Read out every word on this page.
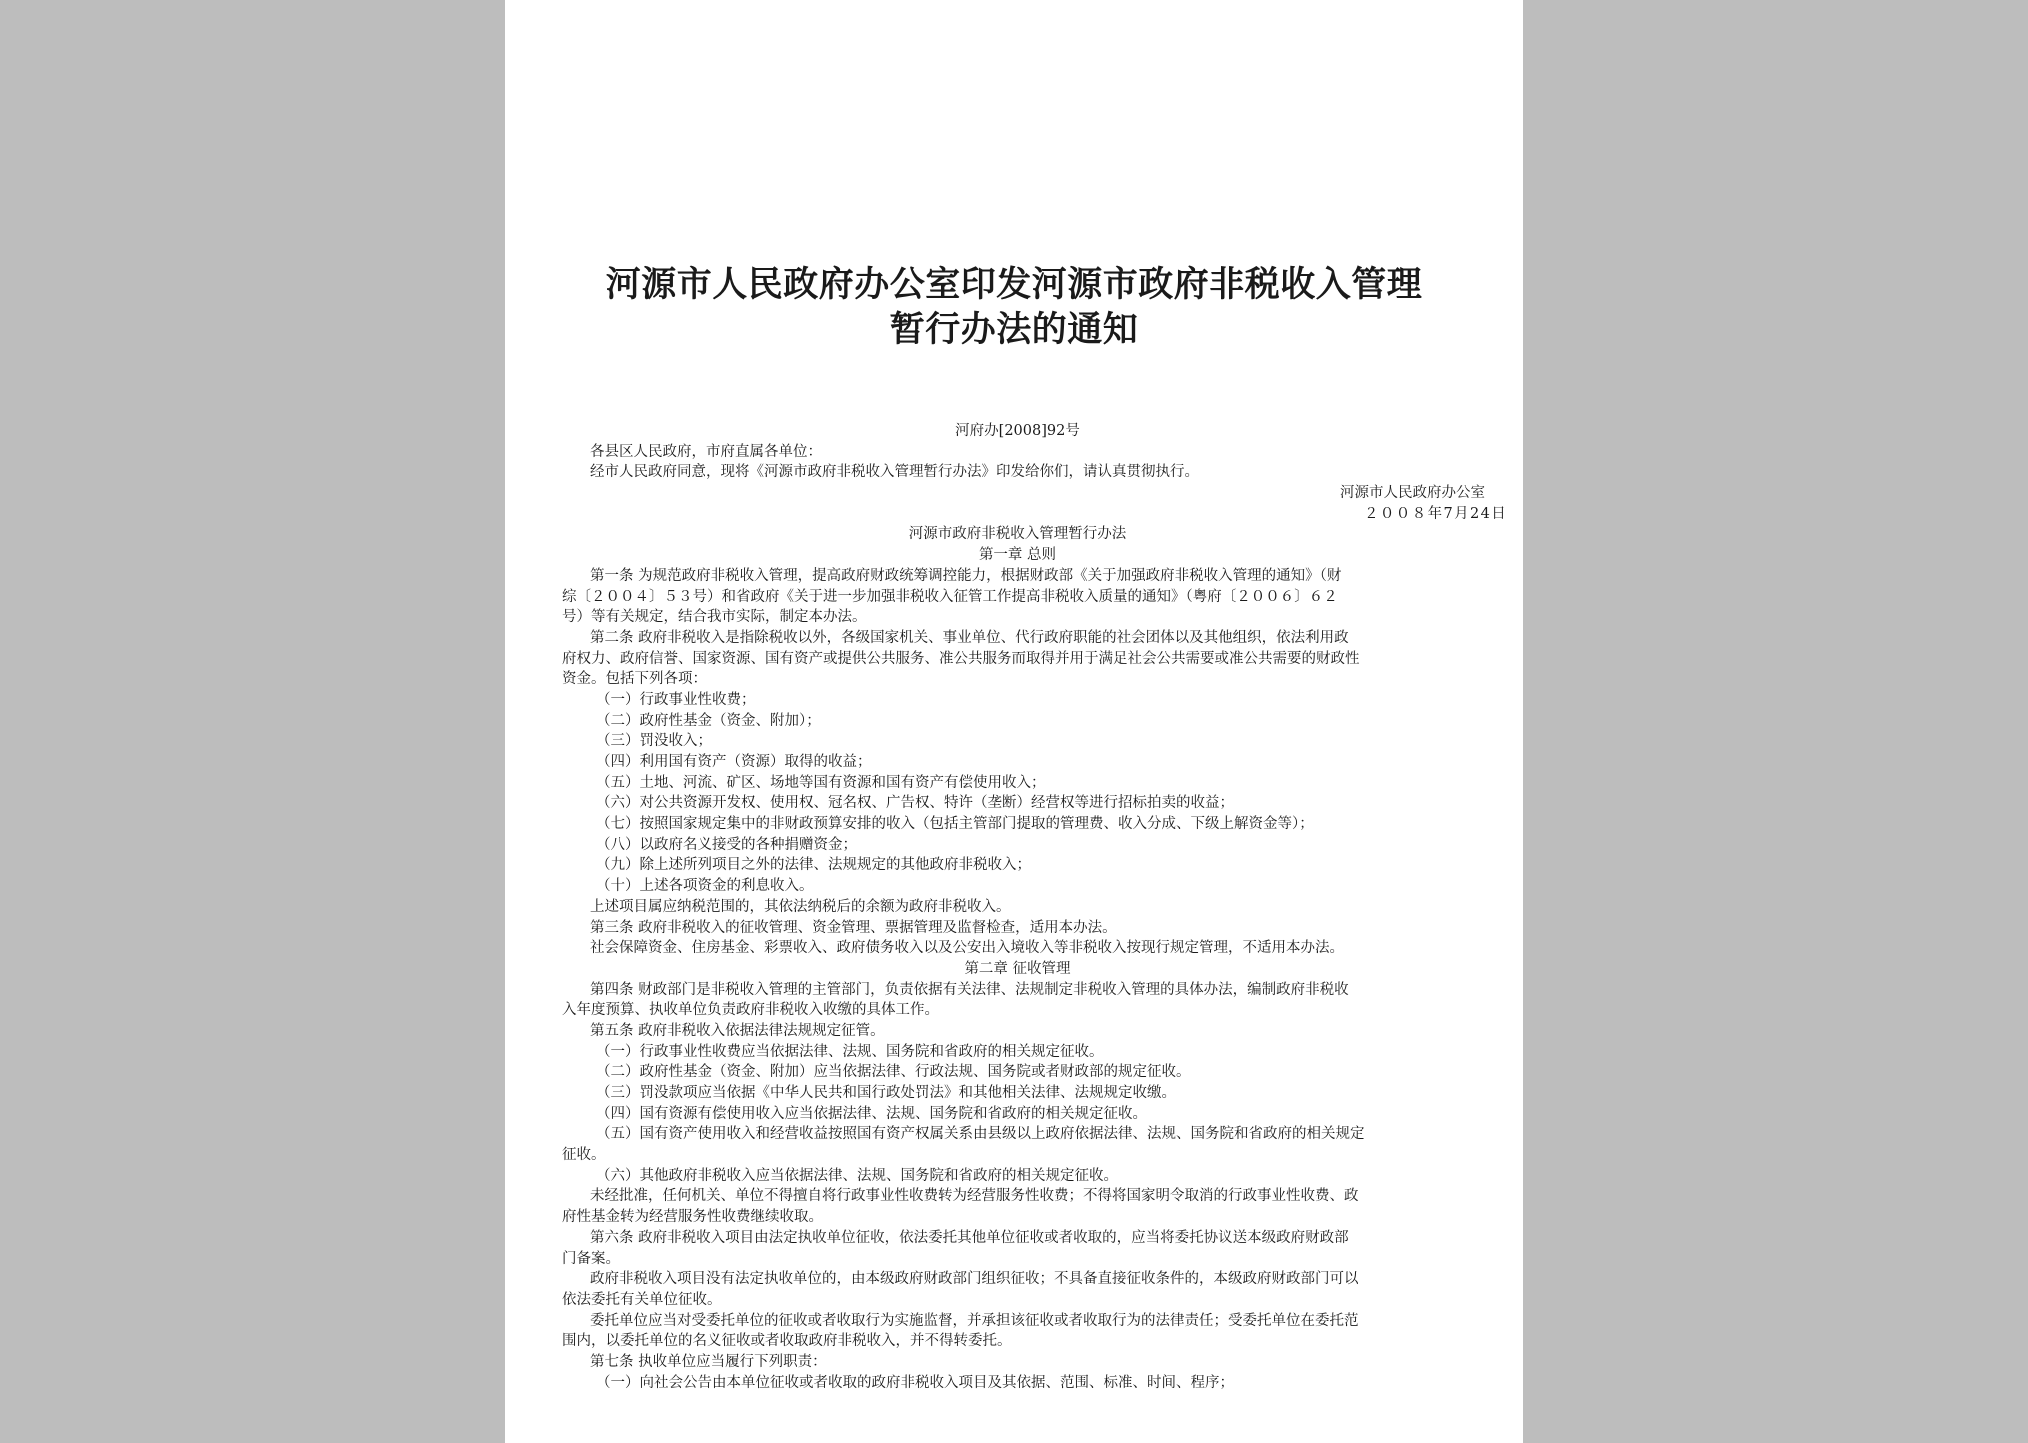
河源市人民政府办公室印发河源市政府非税收入管理
暂行办法的通知
河府办[2008]92号
各县区人民政府，市府直属各单位：
经市人民政府同意，现将《河源市政府非税收入管理暂行办法》印发给你们，请认真贯彻执行。
河源市人民政府办公室
２００８年7月24日
河源市政府非税收入管理暂行办法
第一章 总则
第一条 为规范政府非税收入管理，提高政府财政统筹调控能力，根据财政部《关于加强政府非税收入管理的通知》（财
综〔２００４〕５３号）和省政府《关于进一步加强非税收入征管工作提高非税收入质量的通知》（粤府〔２００６〕６２
号）等有关规定，结合我市实际，制定本办法。
第二条 政府非税收入是指除税收以外，各级国家机关、事业单位、代行政府职能的社会团体以及其他组织，依法利用政
府权力、政府信誉、国家资源、国有资产或提供公共服务、准公共服务而取得并用于满足社会公共需要或准公共需要的财政性
资金。包括下列各项：
（一）行政事业性收费；
（二）政府性基金（资金、附加）；
（三）罚没收入；
（四）利用国有资产（资源）取得的收益；
（五）土地、河流、矿区、场地等国有资源和国有资产有偿使用收入；
（六）对公共资源开发权、使用权、冠名权、广告权、特许（垄断）经营权等进行招标拍卖的收益；
（七）按照国家规定集中的非财政预算安排的收入（包括主管部门提取的管理费、收入分成、下级上解资金等）；
（八）以政府名义接受的各种捐赠资金；
（九）除上述所列项目之外的法律、法规规定的其他政府非税收入；
（十）上述各项资金的利息收入。
上述项目属应纳税范围的，其依法纳税后的余额为政府非税收入。
第三条 政府非税收入的征收管理、资金管理、票据管理及监督检查，适用本办法。
社会保障资金、住房基金、彩票收入、政府债务收入以及公安出入境收入等非税收入按现行规定管理，不适用本办法。
第二章 征收管理
第四条 财政部门是非税收入管理的主管部门，负责依据有关法律、法规制定非税收入管理的具体办法，编制政府非税收
入年度预算、执收单位负责政府非税收入收缴的具体工作。
第五条 政府非税收入依据法律法规规定征管。
（一）行政事业性收费应当依据法律、法规、国务院和省政府的相关规定征收。
（二）政府性基金（资金、附加）应当依据法律、行政法规、国务院或者财政部的规定征收。
（三）罚没款项应当依据《中华人民共和国行政处罚法》和其他相关法律、法规规定收缴。
（四）国有资源有偿使用收入应当依据法律、法规、国务院和省政府的相关规定征收。
（五）国有资产使用收入和经营收益按照国有资产权属关系由县级以上政府依据法律、法规、国务院和省政府的相关规定
征收。
（六）其他政府非税收入应当依据法律、法规、国务院和省政府的相关规定征收。
未经批准，任何机关、单位不得擅自将行政事业性收费转为经营服务性收费；不得将国家明令取消的行政事业性收费、政
府性基金转为经营服务性收费继续收取。
第六条 政府非税收入项目由法定执收单位征收，依法委托其他单位征收或者收取的，应当将委托协议送本级政府财政部
门备案。
政府非税收入项目没有法定执收单位的，由本级政府财政部门组织征收；不具备直接征收条件的，本级政府财政部门可以
依法委托有关单位征收。
委托单位应当对受委托单位的征收或者收取行为实施监督，并承担该征收或者收取行为的法律责任；受委托单位在委托范
围内，以委托单位的名义征收或者收取政府非税收入，并不得转委托。
第七条 执收单位应当履行下列职责：
（一）向社会公告由本单位征收或者收取的政府非税收入项目及其依据、范围、标准、时间、程序；
